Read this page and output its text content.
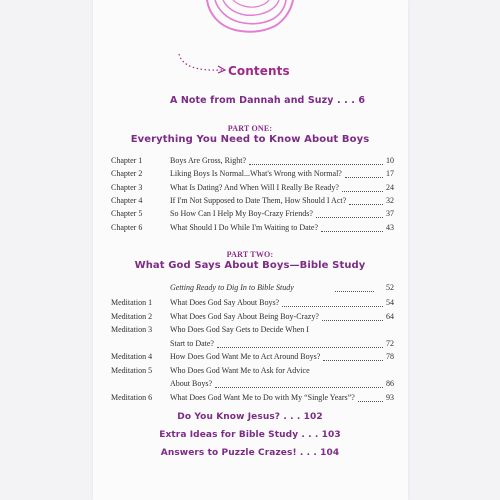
Contents
A Note from Dannah and Suzy . . . 6
PART ONE:
Everything You Need to Know About Boys
Chapter 1	Boys Are Gross, Right?	10
Chapter 2	Liking Boys Is Normal...What's Wrong with Normal?	17
Chapter 3	What Is Dating? And When Will I Really Be Ready?	24
Chapter 4	If I'm Not Supposed to Date Them, How Should I Act?	32
Chapter 5	So How Can I Help My Boy-Crazy Friends?	37
Chapter 6	What Should I Do While I'm Waiting to Date?	43
PART TWO:
What God Says About Boys—Bible Study
Getting Ready to Dig In to Bible Study	52
Meditation 1 What Does God Say About Boys?	54
Meditation 2 What Does God Say About Being Boy-Crazy?	64
Meditation 3 Who Does God Say Gets to Decide When I
Start to Date?	72
Meditation 4 How Does God Want Me to Act Around Boys?	78
Meditation 5 Who Does God Want Me to Ask for Advice
About Boys?	86
Meditation 6 What Does God Want Me to Do with My “Single Years”?	93
Do You Know Jesus? . . . 102
Extra Ideas for Bible Study . . . 103
Answers to Puzzle Crazes! . . . 104
